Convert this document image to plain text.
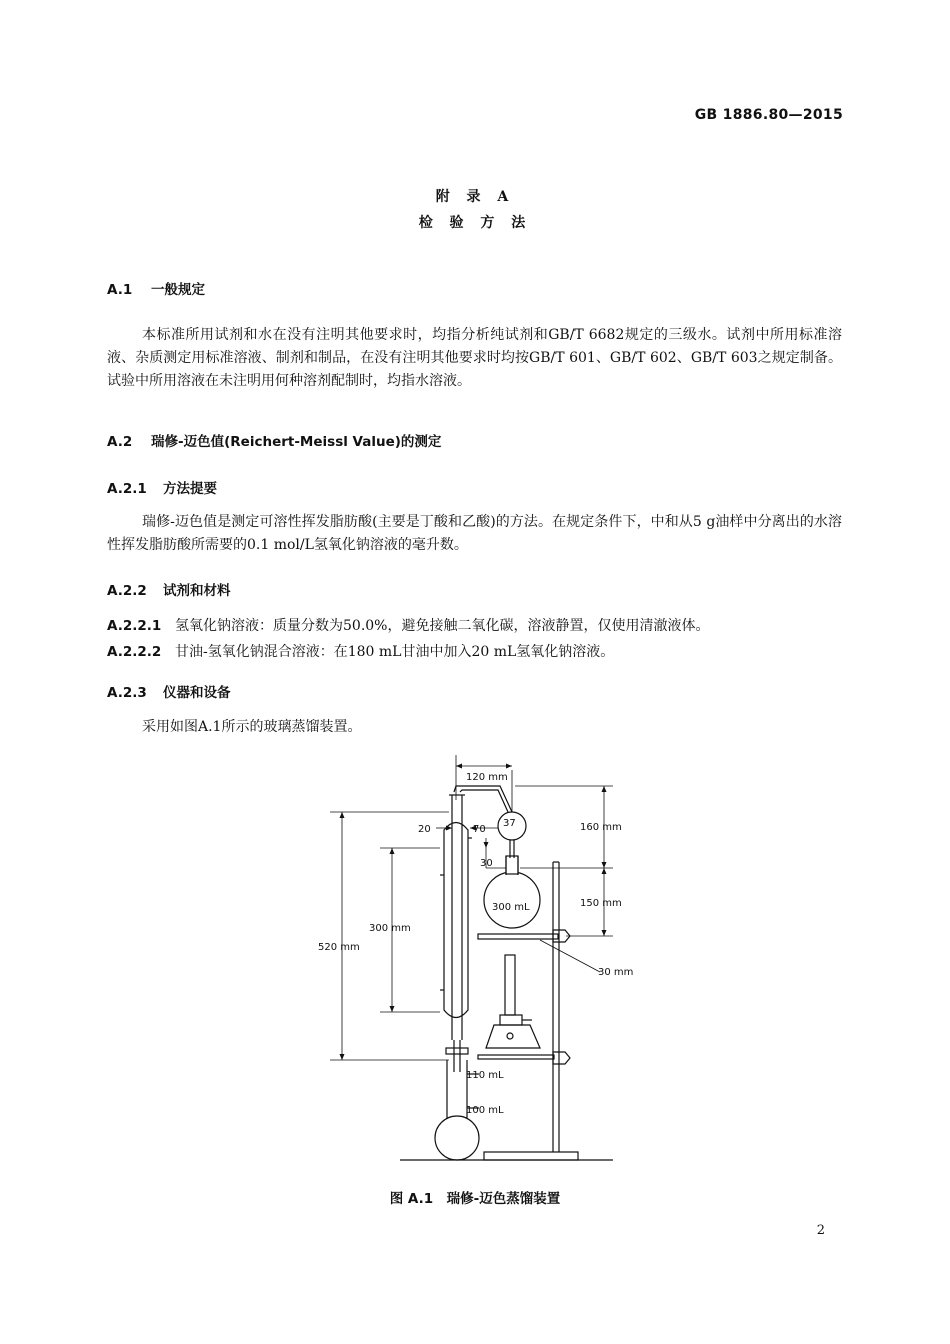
GB 1886.80—2015
附 录 A
检 验 方 法
A.1 一般规定
本标准所用试剂和水在没有注明其他要求时，均指分析纯试剂和GB/T 6682规定的三级水。试剂中所用标准溶液、杂质测定用标准溶液、制剂和制品，在没有注明其他要求时均按GB/T 601、GB/T 602、GB/T 603之规定制备。试验中所用溶液在未注明用何种溶剂配制时，均指水溶液。
A.2 瑞修-迈色值(Reichert-Meissl Value)的测定
A.2.1 方法提要
瑞修-迈色值是测定可溶性挥发脂肪酸(主要是丁酸和乙酸)的方法。在规定条件下，中和从5 g油样中分离出的水溶性挥发脂肪酸所需要的0.1 mol/L氢氧化钠溶液的毫升数。
A.2.2 试剂和材料
A.2.2.1 氢氧化钠溶液：质量分数为50.0%，避免接触二氧化碳，溶液静置，仅使用清澈液体。
A.2.2.2 甘油-氢氧化钠混合溶液：在180 mL甘油中加入20 mL氢氧化钠溶液。
A.2.3 仪器和设备
采用如图A.1所示的玻璃蒸馏装置。
120 mm
20	70
37
30
160 mm
150 mm
300 mm
520 mm
300 mL
30 mm
110 mL
100 mL
图 A.1　瑞修-迈色蒸馏装置
2
